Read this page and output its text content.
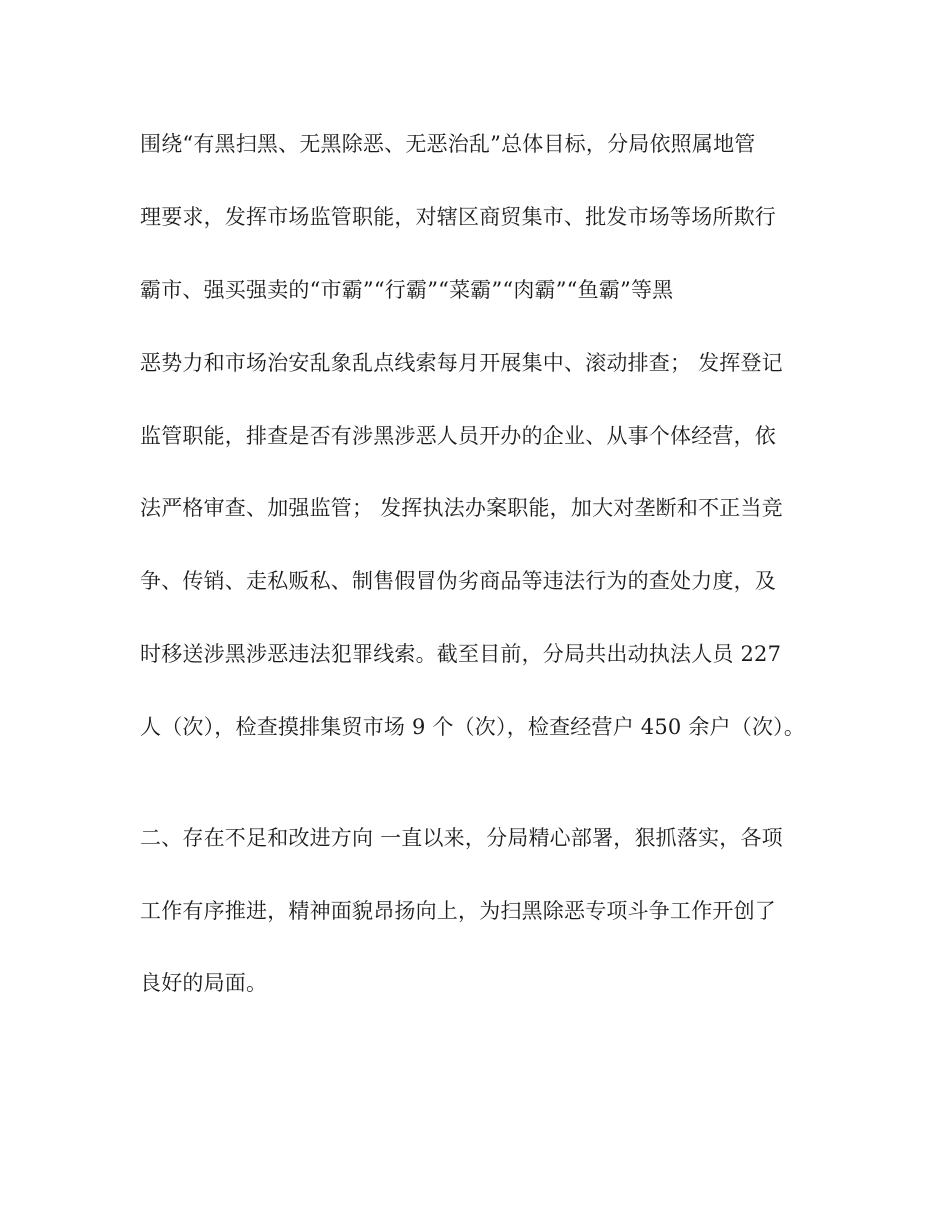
围绕“有黑扫黑、无黑除恶、无恶治乱”总体目标，分局依照属地管
理要求，发挥市场监管职能，对辖区商贸集市、批发市场等场所欺行
霸市、强买强卖的“市霸”“行霸”“菜霸”“肉霸”“鱼霸”等黑
恶势力和市场治安乱象乱点线索每月开展集中、滚动排查； 发挥登记
监管职能，排查是否有涉黑涉恶人员开办的企业、从事个体经营，依
法严格审查、加强监管； 发挥执法办案职能，加大对垄断和不正当竞
争、传销、走私贩私、制售假冒伪劣商品等违法行为的查处力度，及
时移送涉黑涉恶违法犯罪线索。截至目前，分局共出动执法人员 227
人（次），检查摸排集贸市场 9 个（次），检查经营户 450 余户（次）。
二、存在不足和改进方向 一直以来，分局精心部署，狠抓落实，各项
工作有序推进，精神面貌昂扬向上，为扫黑除恶专项斗争工作开创了
良好的局面。
